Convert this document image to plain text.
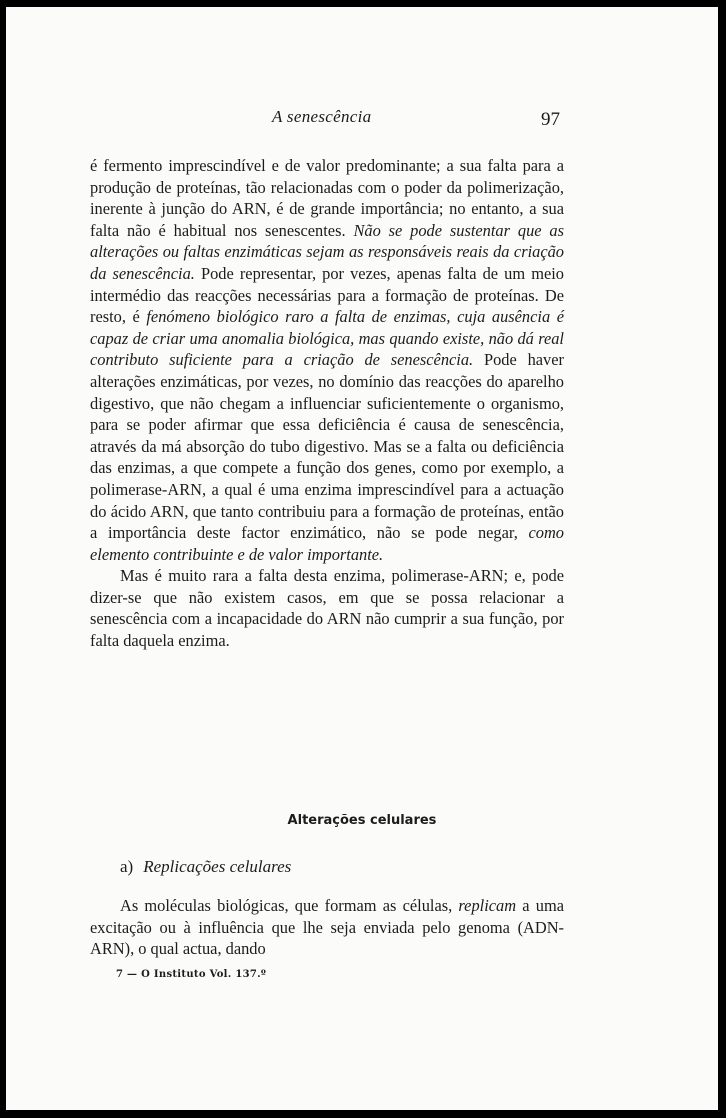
A senescência	97

é fermento imprescindível e de valor predominante; a sua falta para a produção de proteínas, tão relacionadas com o poder da polimerização, inerente à junção do ARN, é de grande importância; no entanto, a sua falta não é habitual nos senescentes. Não se pode sustentar que as alterações ou faltas enzimáticas sejam as responsáveis reais da criação da senescência. Pode representar, por vezes, apenas falta de um meio intermédio das reacções necessárias para a formação de proteínas. De resto, é fenómeno biológico raro a falta de enzimas, cuja ausência é capaz de criar uma anomalia biológica, mas quando existe, não dá real contributo suficiente para a criação de senescência. Pode haver alterações enzimáticas, por vezes, no domínio das reacções do aparelho digestivo, que não chegam a influenciar suficientemente o organismo, para se poder afirmar que essa deficiência é causa de senescência, através da má absorção do tubo digestivo. Mas se a falta ou deficiência das enzimas, a que compete a função dos genes, como por exemplo, a polimerase-ARN, a qual é uma enzima imprescindível para a actuação do ácido ARN, que tanto contribuiu para a formação de proteínas, então a importância deste factor enzimático, não se pode negar, como elemento contribuinte e de valor importante.

Mas é muito rara a falta desta enzima, polimerase-ARN; e, pode dizer-se que não existem casos, em que se possa relacionar a senescência com a incapacidade do ARN não cumprir a sua função, por falta daquela enzima.

Alterações celulares
a) Replicações celulares

As moléculas biológicas, que formam as células, replicam a uma excitação ou à influência que lhe seja enviada pelo genoma (ADN-ARN), o qual actua, dando

7 — O Instituto Vol. 137.º
